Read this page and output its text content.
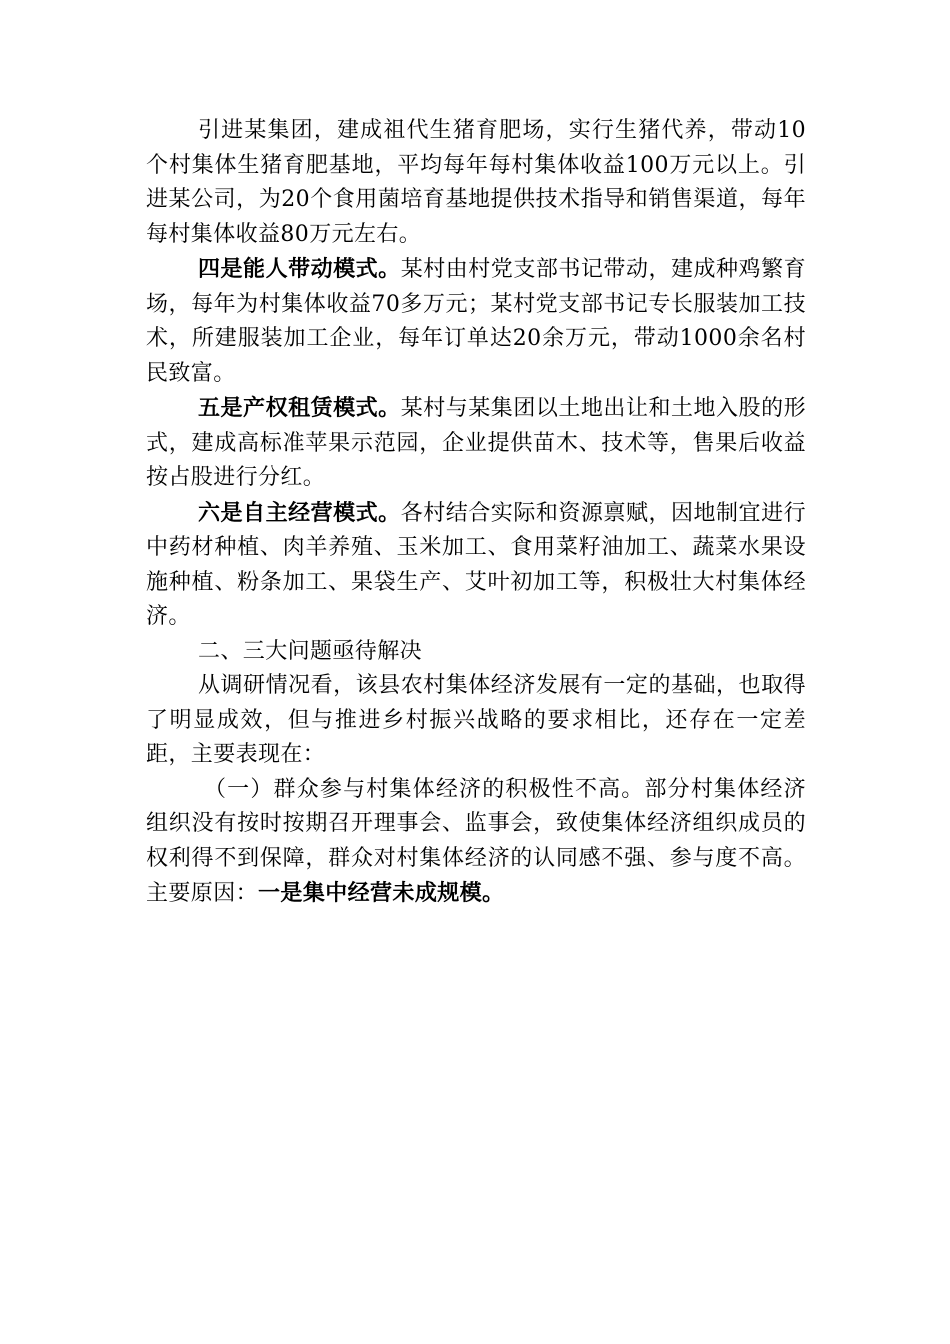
引进某集团，建成祖代生猪育肥场，实行生猪代养，带动10个村集体生猪育肥基地，平均每年每村集体收益100万元以上。引进某公司，为20个食用菌培育基地提供技术指导和销售渠道，每年每村集体收益80万元左右。

四是能人带动模式。某村由村党支部书记带动，建成种鸡繁育场，每年为村集体收益70多万元；某村党支部书记专长服装加工技术，所建服装加工企业，每年订单达20余万元，带动1000余名村民致富。

五是产权租赁模式。某村与某集团以土地出让和土地入股的形式，建成高标准苹果示范园，企业提供苗木、技术等，售果后收益按占股进行分红。

六是自主经营模式。各村结合实际和资源禀赋，因地制宜进行中药材种植、肉羊养殖、玉米加工、食用菜籽油加工、蔬菜水果设施种植、粉条加工、果袋生产、艾叶初加工等，积极壮大村集体经济。

二、三大问题亟待解决

从调研情况看，该县农村集体经济发展有一定的基础，也取得了明显成效，但与推进乡村振兴战略的要求相比，还存在一定差距，主要表现在：

（一）群众参与村集体经济的积极性不高。部分村集体经济组织没有按时按期召开理事会、监事会，致使集体经济组织成员的权利得不到保障，群众对村集体经济的认同感不强、参与度不高。主要原因：一是集中经营未成规模。
